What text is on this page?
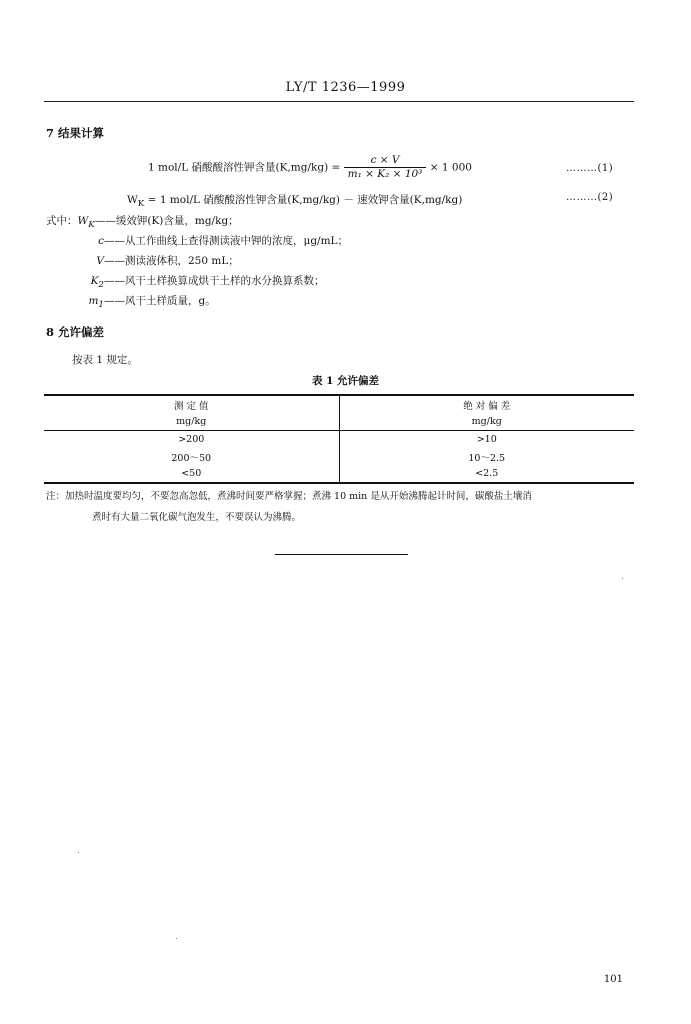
LY/T 1236—1999
7 结果计算
1 mol/L 硝酸酸溶性钾含量$(K,mg/kg) = \frac{c \times V}{\text{m₁ × K₂ × 10³}} \times 1$ 000	………(1)
$W_K = 1$ mol/L 硝酸酸溶性钾含量(K,mg/kg) － 速效钾含量(K,mg/kg)	………(2)
式中：$W_K——$缓效钾(K)含量，mg/kg；
c——从工作曲线上查得测读液中钾的浓度，μg/mL；
V——测读液体积，250 mL；
$K_2——$风干土样换算成烘干土样的水分换算系数；
$m_1——$风干土样质量，g。
8 允许偏差
按表 1 规定。
表 1 允许偏差
测 定 值	绝 对 偏 差
mg/kg	mg/kg
>200	>10
200～50	10～2.5
<50	<2.5
注：加热时温度要均匀，不要忽高忽低，煮沸时间要严格掌握；煮沸 10 min 是从开始沸腾起计时间，碳酸盐土壤消
煮时有大量二氧化碳气泡发生，不要误认为沸腾。
101
